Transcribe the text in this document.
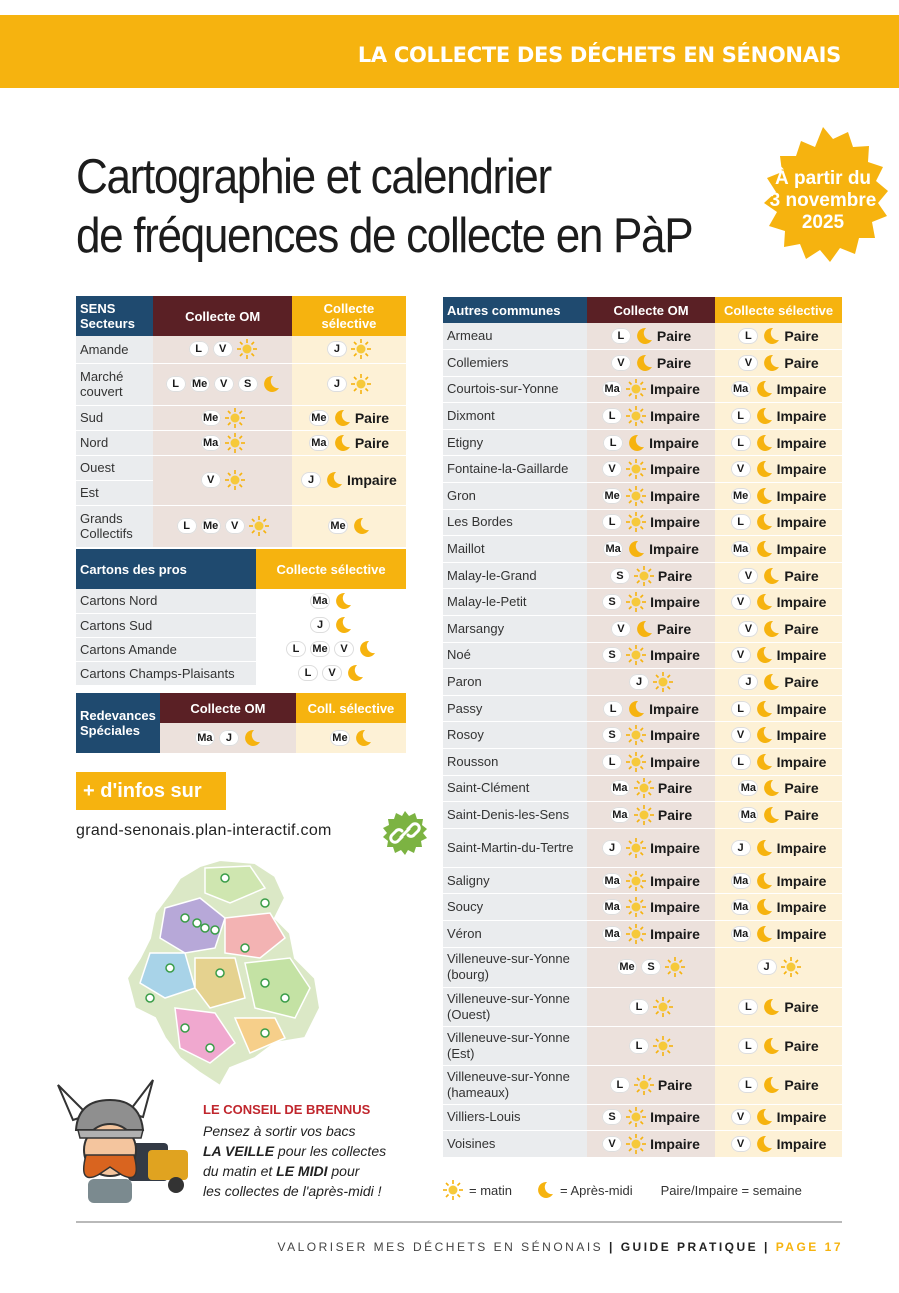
LA COLLECTE DES DÉCHETS EN SÉNONAIS
Cartographie et calendrier
de fréquences de collecte en PàP
À partir du
3 novembre
2025
SENS Secteurs	Collecte OM	Collecte sélective
Amande	L V	J

Marché couvert	L Me V S	J

Sud	Me	Me Paire

Nord	Ma	Ma Paire

Ouest	V	J Impaire

Est		
Grands Collectifs	L Me V	Me
Cartons des pros	Collecte sélective
Cartons Nord	Ma

Cartons Sud	J

Cartons Amande	L Me V

Cartons Champs-Plaisants	L V
Redevances Spéciales	Collecte OM	Coll. sélective

Ma J	Me
+ d'infos sur
grand-senonais.plan-interactif.com
LE CONSEIL DE BRENNUS
Pensez à sortir vos bacs
LA VEILLE pour les collectes
du matin et LE MIDI pour
les collectes de l'après-midi !
Autres communes	Collecte OM	Collecte sélective
Armeau	L Paire	L Paire

Collemiers	V Paire	V Paire

Courtois-sur-Yonne	Ma Impaire	Ma Impaire

Dixmont	L Impaire	L Impaire

Etigny	L Impaire	L Impaire

Fontaine-la-Gaillarde	V Impaire	V Impaire

Gron	Me Impaire	Me Impaire

Les Bordes	L Impaire	L Impaire

Maillot	Ma Impaire	Ma Impaire

Malay-le-Grand	S Paire	V Paire

Malay-le-Petit	S Impaire	V Impaire

Marsangy	V Paire	V Paire

Noé	S Impaire	V Impaire

Paron	J	J Paire

Passy	L Impaire	L Impaire

Rosoy	S Impaire	V Impaire

Rousson	L Impaire	L Impaire

Saint-Clément	Ma Paire	Ma Paire

Saint-Denis-les-Sens	Ma Paire	Ma Paire

Saint-Martin-du-Tertre	J Impaire	J Impaire

Saligny	Ma Impaire	Ma Impaire

Soucy	Ma Impaire	Ma Impaire

Véron	Ma Impaire	Ma Impaire

Villeneuve-sur-Yonne (bourg)	Me S	J

Villeneuve-sur-Yonne (Ouest)	L	L Paire

Villeneuve-sur-Yonne (Est)	L	L Paire

Villeneuve-sur-Yonne (hameaux)	L Paire	L Paire

Villiers-Louis	S Impaire	V Impaire

Voisines	V Impaire	V Impaire
= matin	= Après-midi Paire/Impaire = semaine
VALORISER MES DÉCHETS EN SÉNONAIS | GUIDE PRATIQUE | PAGE 17
